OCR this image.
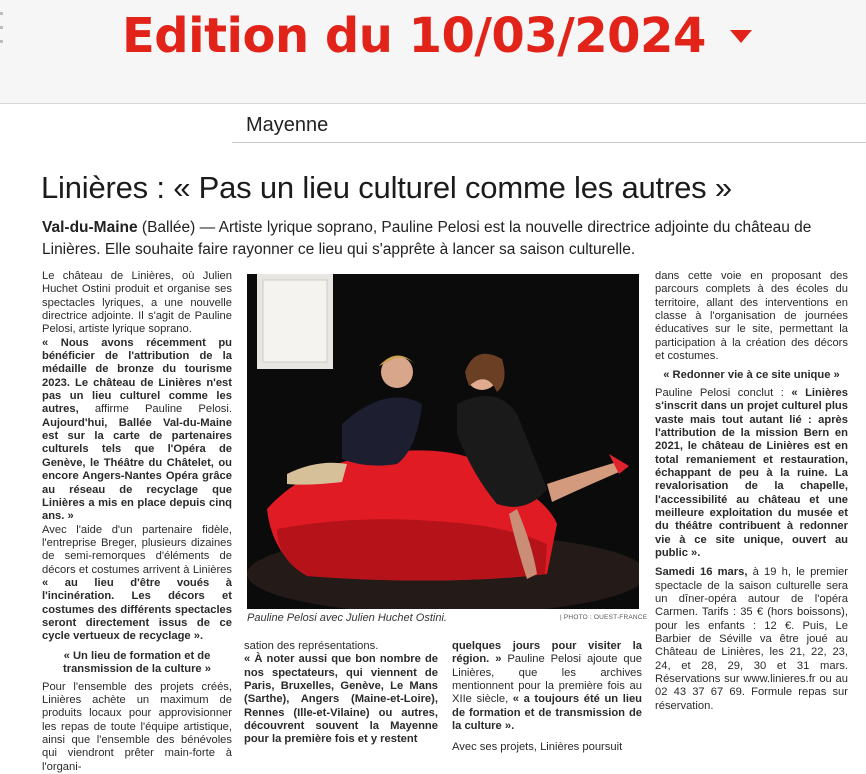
Edition du 10/03/2024
Mayenne
Linières : « Pas un lieu culturel comme les autres »
Val-du-Maine (Ballée) — Artiste lyrique soprano, Pauline Pelosi est la nouvelle directrice adjointe du château de Linières. Elle souhaite faire rayonner ce lieu qui s'apprête à lancer sa saison culturelle.

Le château de Linières, où Julien Huchet Ostini produit et organise ses spectacles lyriques, a une nouvelle directrice adjointe. Il s'agit de Pauline Pelosi, artiste lyrique soprano.

« Nous avons récemment pu bénéficier de l'attribution de la médaille de bronze du tourisme 2023. Le château de Linières n'est pas un lieu culturel comme les autres, affirme Pauline Pelosi. Aujourd'hui, Ballée Val-du-Maine est sur la carte de partenaires culturels tels que l'Opéra de Genève, le Théâtre du Châtelet, ou encore Angers-Nantes Opéra grâce au réseau de recyclage que Linières a mis en place depuis cinq ans. »

Avec l'aide d'un partenaire fidèle, l'entreprise Breger, plusieurs dizaines de semi-remorques d'éléments de décors et costumes arrivent à Linières « au lieu d'être voués à l'incinération. Les décors et costumes des différents spectacles seront directement issus de ce cycle vertueux de recyclage ».

« Un lieu de formation et de transmission de la culture »

Pour l'ensemble des projets créés, Linières achète un maximum de produits locaux pour approvisionner les repas de toute l'équipe artistique, ainsi que l'ensemble des bénévoles qui viendront prêter main-forte à l'organi-

Pauline Pelosi avec Julien Huchet Ostini.	| PHOTO : OUEST-FRANCE

sation des représentations.

« À noter aussi que bon nombre de nos spectateurs, qui viennent de Paris, Bruxelles, Genève, Le Mans (Sarthe), Angers (Maine-et-Loire), Rennes (Ille-et-Vilaine) ou autres, découvrent souvent la Mayenne pour la première fois et y restent

quelques jours pour visiter la région. » Pauline Pelosi ajoute que Linières, que les archives mentionnent pour la première fois au XIIe siècle, « a toujours été un lieu de formation et de transmission de la culture ».

Avec ses projets, Linières poursuit

dans cette voie en proposant des parcours complets à des écoles du territoire, allant des interventions en classe à l'organisation de journées éducatives sur le site, permettant la participation à la création des décors et costumes.

« Redonner vie à ce site unique »

Pauline Pelosi conclut : « Linières s'inscrit dans un projet culturel plus vaste mais tout autant lié : après l'attribution de la mission Bern en 2021, le château de Linières est en total remaniement et restauration, échappant de peu à la ruine. La revalorisation de la chapelle, l'accessibilité au château et une meilleure exploitation du musée et du théâtre contribuent à redonner vie à ce site unique, ouvert au public ».

Samedi 16 mars, à 19 h, le premier spectacle de la saison culturelle sera un dîner-opéra autour de l'opéra Carmen. Tarifs : 35 € (hors boissons), pour les enfants : 12 €. Puis, Le Barbier de Séville va être joué au Château de Linières, les 21, 22, 23, 24, et 28, 29, 30 et 31 mars. Réservations sur www.linieres.fr ou au 02 43 37 67 69. Formule repas sur réservation.
